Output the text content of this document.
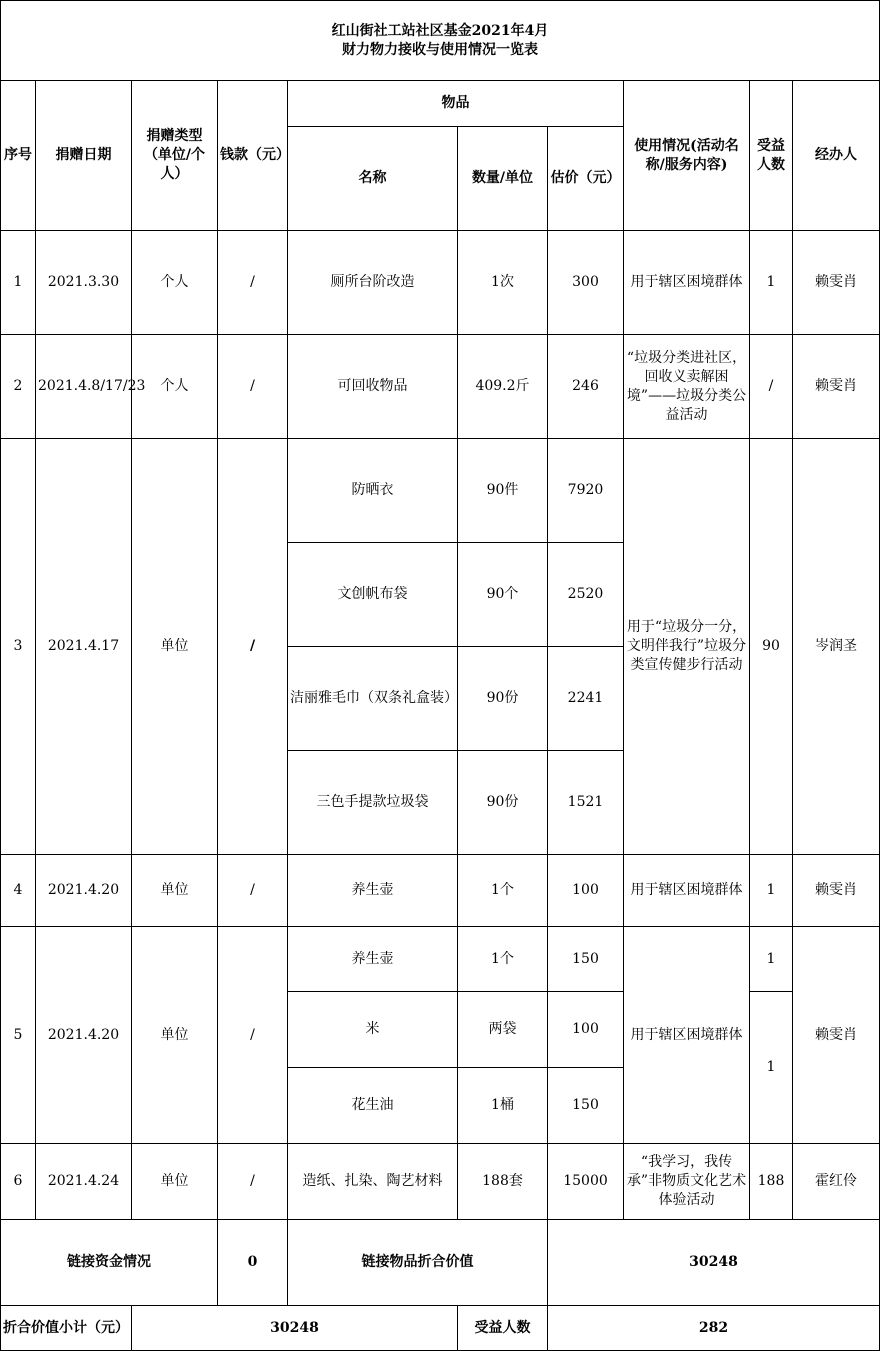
红山街社工站社区基金2021年4月
财力物力接收与使用情况一览表									

序号	捐赠日期	捐赠类型（单位/个人）	钱款（元）	物品			使用情况(活动名称/服务内容)	受益人数	经办人
				名称	数量/单位	估价（元）			
1	2021.3.30	个人	/	厕所台阶改造	1次	300	用于辖区困境群体	1	赖雯肖
2	2021.4.8/17/23	个人	/	可回收物品	409.2斤	246	“垃圾分类进社区，回收义卖解困境”——垃圾分类公益活动	/	赖雯肖
3	2021.4.17	单位	/	防晒衣	90件	7920	用于“垃圾分一分，文明伴我行”垃圾分类宣传健步行活动	90	岑润圣
				文创帆布袋	90个	2520			
				洁丽雅毛巾（双条礼盒装）	90份	2241			
				三色手提款垃圾袋	90份	1521			
4	2021.4.20	单位	/	养生壶	1个	100	用于辖区困境群体	1	赖雯肖
5	2021.4.20	单位	/	养生壶	1个	150	用于辖区困境群体	1	赖雯肖
				米	两袋	100		1	
				花生油	1桶	150			
6	2021.4.24	单位	/	造纸、扎染、陶艺材料	188套	15000	“我学习，我传承”非物质文化艺术体验活动	188	霍红伶
链接资金情况			0	链接物品折合价值		30248			
折合价值小计（元）		30248			受益人数	282			
